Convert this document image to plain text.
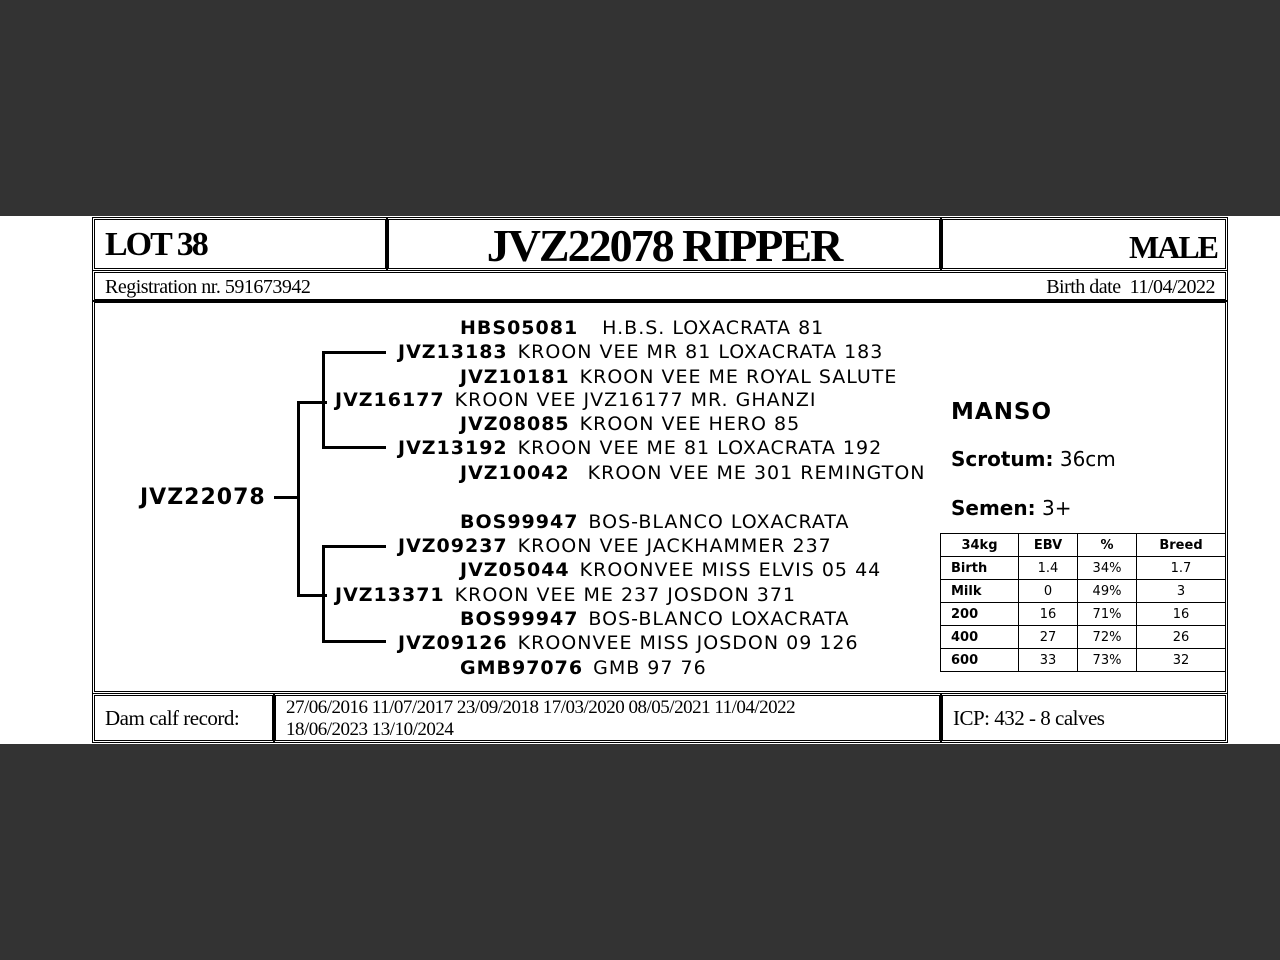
LOT 38	JVZ22078 RIPPER	MALE
Registration nr. 591673942	Birth date 11/04/2022
JVZ22078
HBS05081 H.B.S. LOXACRATA 81
JVZ13183 KROON VEE MR 81 LOXACRATA 183
JVZ10181 KROON VEE ME ROYAL SALUTE
JVZ16177 KROON VEE JVZ16177 MR. GHANZI
JVZ08085 KROON VEE HERO 85
JVZ13192 KROON VEE ME 81 LOXACRATA 192
JVZ10042 KROON VEE ME 301 REMINGTON
BOS99947 BOS-BLANCO LOXACRATA
JVZ09237 KROON VEE JACKHAMMER 237
JVZ05044 KROONVEE MISS ELVIS 05 44
JVZ13371 KROON VEE ME 237 JOSDON 371
BOS99947 BOS-BLANCO LOXACRATA
JVZ09126 KROONVEE MISS JOSDON 09 126
GMB97076 GMB 97 76
MANSO
Scrotum: 36cm
Semen: 3+
34kg	EBV	%	Breed
Birth	1.4	34%	1.7
Milk	0	49%	3
200	16	71%	16
400	27	72%	26
600	33	73%	32
Dam calf record: 27/06/2016 11/07/2017 23/09/2018 17/03/2020 08/05/2021 11/04/2022
18/06/2023 13/10/2024	ICP: 432 - 8 calves
